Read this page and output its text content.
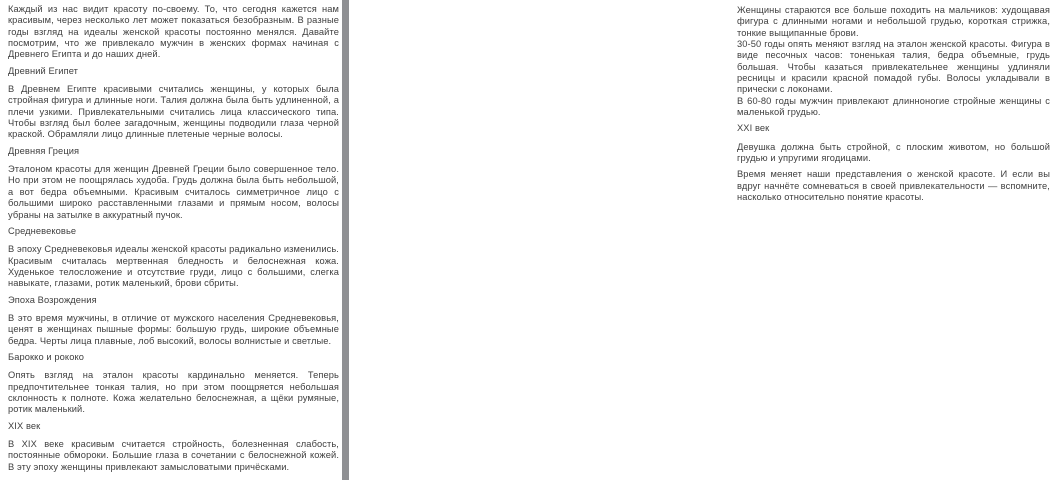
Каждый из нас видит красоту по-своему. То, что сегодня кажется нам красивым, через несколько лет может показаться безобразным. В разные годы взгляд на идеалы женской красоты постоянно менялся. Давайте посмотрим, что же привлекало мужчин в женских формах начиная с Древнего Египта и до наших дней.

Древний Египет

В Древнем Египте красивыми считались женщины, у которых была стройная фигура и длинные ноги. Талия должна была быть удлиненной, а плечи узкими. Привлекательными считались лица классического типа. Чтобы взгляд был более загадочным, женщины подводили глаза черной краской. Обрамляли лицо длинные плетеные черные волосы.

Древняя Греция

Эталоном красоты для женщин Древней Греции было совершенное тело. Но при этом не поощрялась худоба. Грудь должна была быть небольшой, а вот бедра объемными. Красивым считалось симметричное лицо с большими широко расставленными глазами и прямым носом, волосы убраны на затылке в аккуратный пучок.

Средневековье

В эпоху Средневековья идеалы женской красоты радикально изменились. Красивым считалась мертвенная бледность и белоснежная кожа. Худенькое телосложение и отсутствие груди, лицо с большими, слегка навыкате, глазами, ротик маленький, брови сбриты.

Эпоха Возрождения

В это время мужчины, в отличие от мужского населения Средневековья, ценят в женщинах пышные формы: большую грудь, широкие объемные бедра. Черты лица плавные, лоб высокий, волосы волнистые и светлые.

Барокко и рококо

Опять взгляд на эталон красоты кардинально меняется. Теперь предпочтительнее тонкая талия, но при этом поощряется небольшая склонность к полноте. Кожа желательно белоснежная, а щёки румяные, ротик маленький.

XIX век

В XIX веке красивым считается стройность, болезненная слабость, постоянные обмороки. Большие глаза в сочетании с белоснежной кожей. В эту эпоху женщины привлекают замысловатыми причёсками.

Женщины стараются все больше походить на мальчиков: худощавая фигура с длинными ногами и небольшой грудью, короткая стрижка, тонкие выщипанные брови.
30-50 годы опять меняют взгляд на эталон женской красоты. Фигура в виде песочных часов: тоненькая талия, бедра объемные, грудь большая. Чтобы казаться привлекательнее женщины удлиняли ресницы и красили красной помадой губы. Волосы укладывали в прически с локонами.
В 60-80 годы мужчин привлекают длинноногие стройные женщины с маленькой грудью.

XXI век

Девушка должна быть стройной, с плоским животом, но большой грудью и упругими ягодицами.

Время меняет наши представления о женской красоте. И если вы вдруг начнёте сомневаться в своей привлекательности — вспомните, насколько относительно понятие красоты.
